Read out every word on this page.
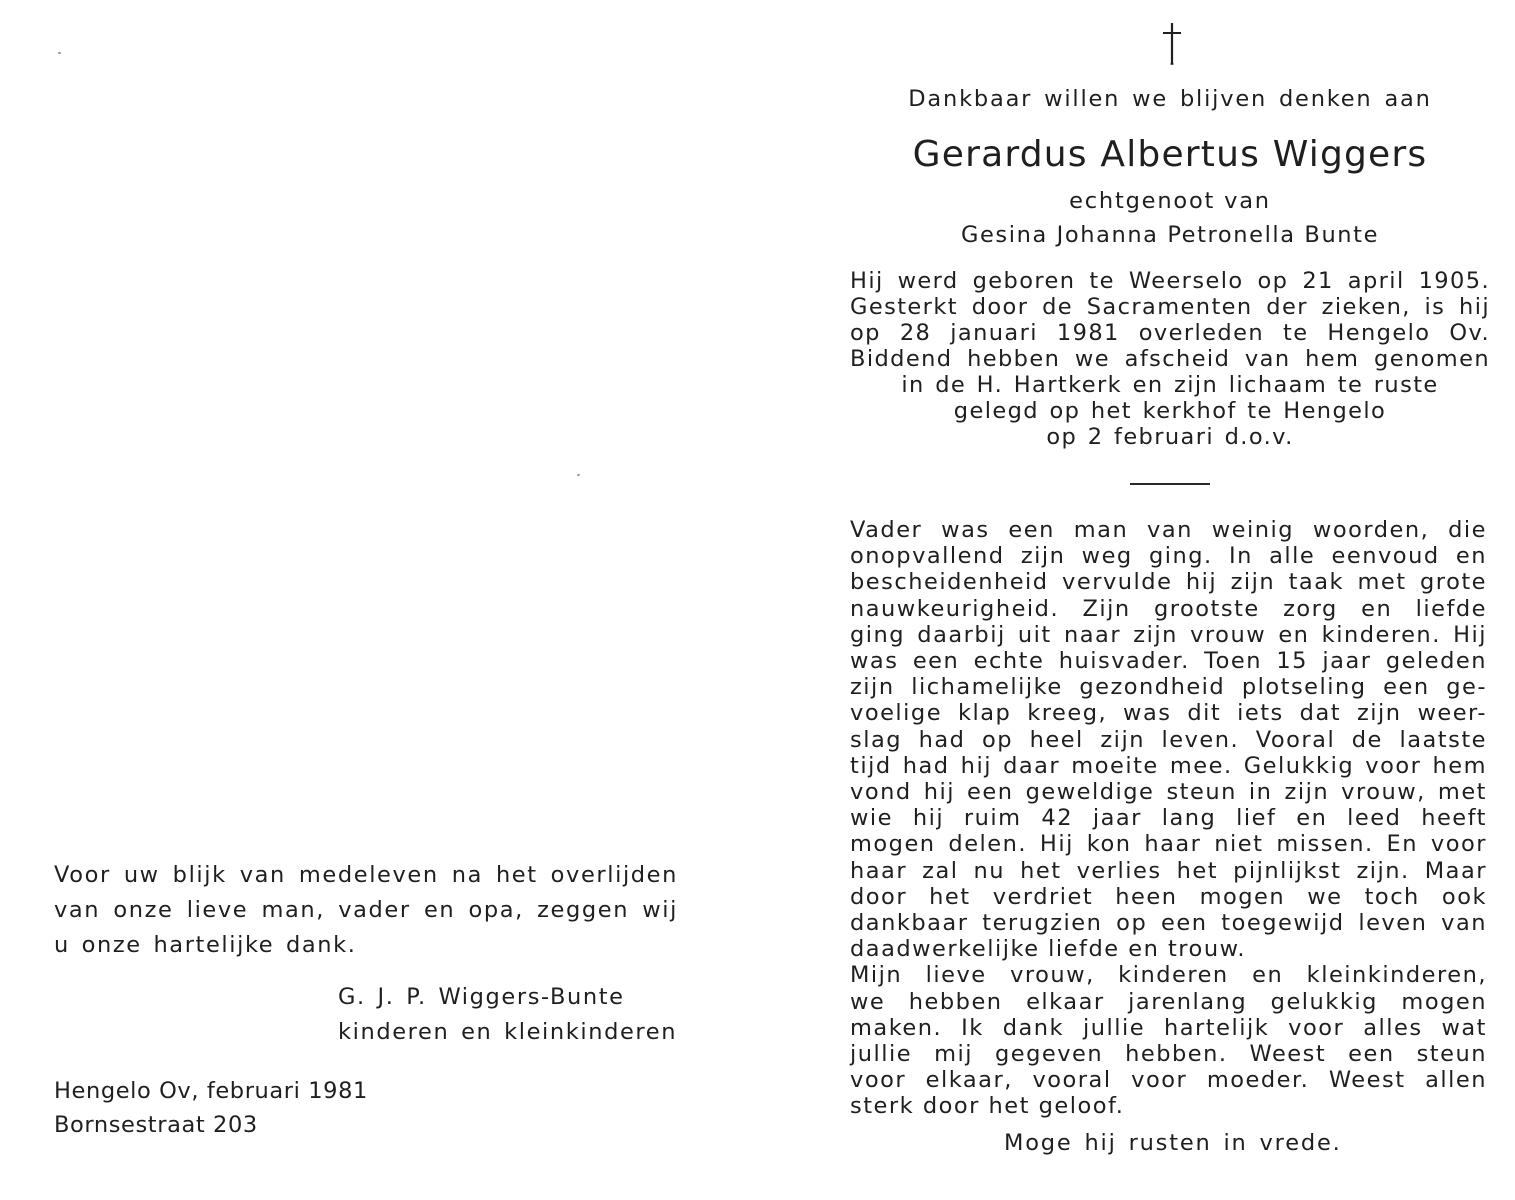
Voor uw blijk van medeleven na het overlijden
van onze lieve man, vader en opa, zeggen wij
u onze hartelijke dank.
G. J. P. Wiggers-Bunte
kinderen en kleinkinderen
Hengelo Ov, februari 1981
Bornsestraat 203
Dankbaar willen we blijven denken aan
Gerardus Albertus Wiggers
echtgenoot van
Gesina Johanna Petronella Bunte
Hij werd geboren te Weerselo op 21 april 1905.
Gesterkt door de Sacramenten der zieken, is hij
op 28 januari 1981 overleden te Hengelo Ov.
Biddend hebben we afscheid van hem genomen
in de H. Hartkerk en zijn lichaam te ruste
gelegd op het kerkhof te Hengelo
op 2 februari d.o.v.
Vader was een man van weinig woorden, die
onopvallend zijn weg ging. In alle eenvoud en
bescheidenheid vervulde hij zijn taak met grote
nauwkeurigheid. Zijn grootste zorg en liefde
ging daarbij uit naar zijn vrouw en kinderen. Hij
was een echte huisvader. Toen 15 jaar geleden
zijn lichamelijke gezondheid plotseling een ge-
voelige klap kreeg, was dit iets dat zijn weer-
slag had op heel zijn leven. Vooral de laatste
tijd had hij daar moeite mee. Gelukkig voor hem
vond hij een geweldige steun in zijn vrouw, met
wie hij ruim 42 jaar lang lief en leed heeft
mogen delen. Hij kon haar niet missen. En voor
haar zal nu het verlies het pijnlijkst zijn. Maar
door het verdriet heen mogen we toch ook
dankbaar terugzien op een toegewijd leven van
daadwerkelijke liefde en trouw.
Mijn lieve vrouw, kinderen en kleinkinderen,
we hebben elkaar jarenlang gelukkig mogen
maken. Ik dank jullie hartelijk voor alles wat
jullie mij gegeven hebben. Weest een steun
voor elkaar, vooral voor moeder. Weest allen
sterk door het geloof.
Moge hij rusten in vrede.
